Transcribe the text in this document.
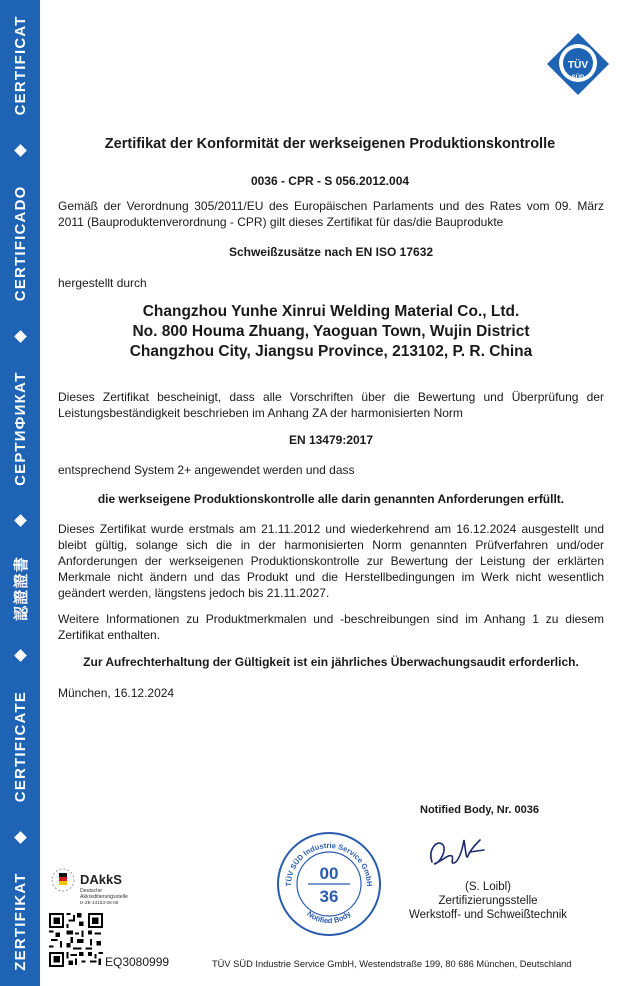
ZERTIFIKAT
CERTIFICATE
認證證書
СЕРТИФИКАТ
CERTIFICADO
CERTIFICAT	TÜV
SÜD
Zertifikat der Konformität der werkseigenen Produktionskontrolle
0036 - CPR - S 056.2012.004
Gemäß der Verordnung 305/2011/EU des Europäischen Parlaments und des Rates vom 09. März 2011 (Bauproduktenverordnung - CPR) gilt dieses Zertifikat für das/die Bauprodukte
Schweißzusätze nach EN ISO 17632
hergestellt durch
Changzhou Yunhe Xinrui Welding Material Co., Ltd.
No. 800 Houma Zhuang, Yaoguan Town, Wujin District
Changzhou City, Jiangsu Province, 213102, P. R. China
Dieses Zertifikat bescheinigt, dass alle Vorschriften über die Bewertung und Überprüfung der Leistungsbeständigkeit beschrieben im Anhang ZA der harmonisierten Norm
EN 13479:2017
entsprechend System 2+ angewendet werden und dass
die werkseigene Produktionskontrolle alle darin genannten Anforderungen erfüllt.
Dieses Zertifikat wurde erstmals am 21.11.2012 und wiederkehrend am 16.12.2024 ausgestellt und bleibt gültig, solange sich die in der harmonisierten Norm genannten Prüfverfahren und/oder Anforderungen der werkseigenen Produktionskontrolle zur Bewertung der Leistung der erklärten Merkmale nicht ändern und das Produkt und die Herstellbedingungen im Werk nicht wesentlich geändert werden, längstens jedoch bis 21.11.2027.
Weitere Informationen zu Produktmerkmalen und -beschreibungen sind im Anhang 1 zu diesem Zertifikat enthalten.
Zur Aufrechterhaltung der Gültigkeit ist ein jährliches Überwachungsaudit erforderlich.
München, 16.12.2024
Notified Body, Nr. 0036
TÜV SÜD Industrie Service GmbH
Notified Body
00
36	(S. Loibl)
Zertifizierungsstelle
Werkstoff- und Schweißtechnik
DAkkS
Deutsche
Akkreditierungsstelle
D-ZE-14153-06-00
EQ3080999	TÜV SÜD Industrie Service GmbH, Westendstraße 199, 80 686 München, Deutschland
